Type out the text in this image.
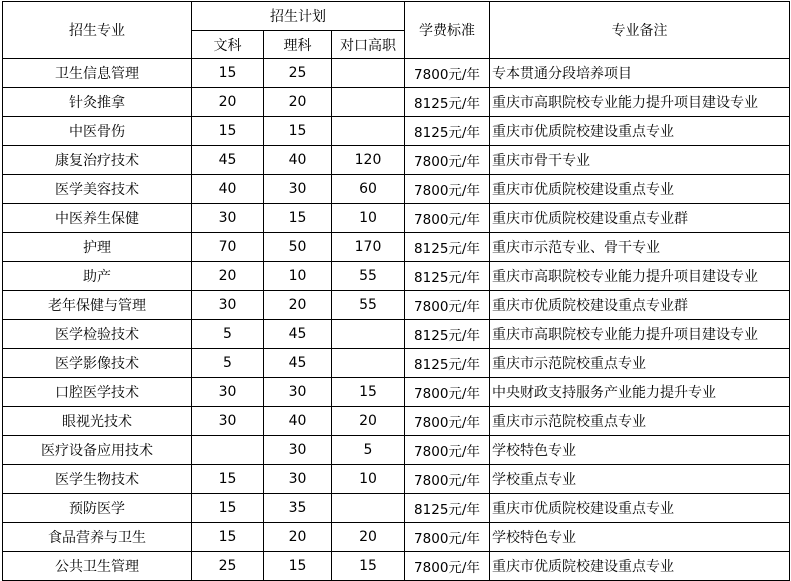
招生专业	招生计划			学费标准	专业备注
	文科	理科	对口高职		
卫生信息管理	15	25		7800元/年	专本贯通分段培养项目
针灸推拿	20	20		8125元/年	重庆市高职院校专业能力提升项目建设专业
中医骨伤	15	15		8125元/年	重庆市优质院校建设重点专业
康复治疗技术	45	40	120	7800元/年	重庆市骨干专业
医学美容技术	40	30	60	7800元/年	重庆市优质院校建设重点专业
中医养生保健	30	15	10	7800元/年	重庆市优质院校建设重点专业群
护理	70	50	170	8125元/年	重庆市示范专业、骨干专业
助产	20	10	55	8125元/年	重庆市高职院校专业能力提升项目建设专业
老年保健与管理	30	20	55	7800元/年	重庆市优质院校建设重点专业群
医学检验技术	5	45		8125元/年	重庆市高职院校专业能力提升项目建设专业
医学影像技术	5	45		8125元/年	重庆市示范院校重点专业
口腔医学技术	30	30	15	7800元/年	中央财政支持服务产业能力提升专业
眼视光技术	30	40	20	7800元/年	重庆市示范院校重点专业
医疗设备应用技术		30	5	7800元/年	学校特色专业
医学生物技术	15	30	10	7800元/年	学校重点专业
预防医学	15	35		8125元/年	重庆市优质院校建设重点专业
食品营养与卫生	15	20	20	7800元/年	学校特色专业
公共卫生管理	25	15	15	7800元/年	重庆市优质院校建设重点专业
